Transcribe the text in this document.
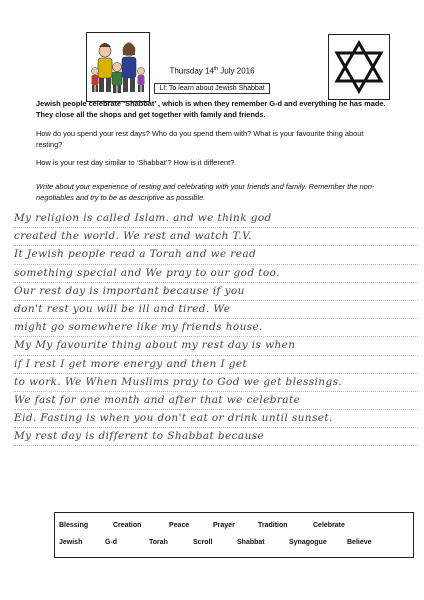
Thursday 14th July 2016
LI: To learn about Jewish Shabbat
Jewish people celebrate ‘Shabbat’ , which is when they remember G-d and everything he has made. They close all the shops and get together with family and friends.
How do you spend your rest days? Who do you spend them with? What is your favourite thing about resting?
How is your rest day similar to ‘Shabbat’? How is it different?
Write about your experience of resting and celebrating with your friends and family. Remember the non-negotiables and try to be as descriptive as possible.
My religion is called Islam. and we think god
created the world. We rest and watch T.V.
It Jewish people read a Torah and we read
something special and We pray to our god too.
Our rest day is important because if you
don't rest you will be ill and tired. We
might go somewhere like my friends house.
My My favourite thing about my rest day is when
if I rest I get more energy and then I get
to work. We When Muslims pray to God we get blessings.
We fast for one month and after that we celebrate
Eid. Fasting is when you don't eat or drink until sunset.
My rest day is different to Shabbat because
Blessing	Creation	Peace	Prayer	Tradition	Celebrate
Jewish	G-d	Torah	Scroll	Shabbat	Synagogue	Believe
